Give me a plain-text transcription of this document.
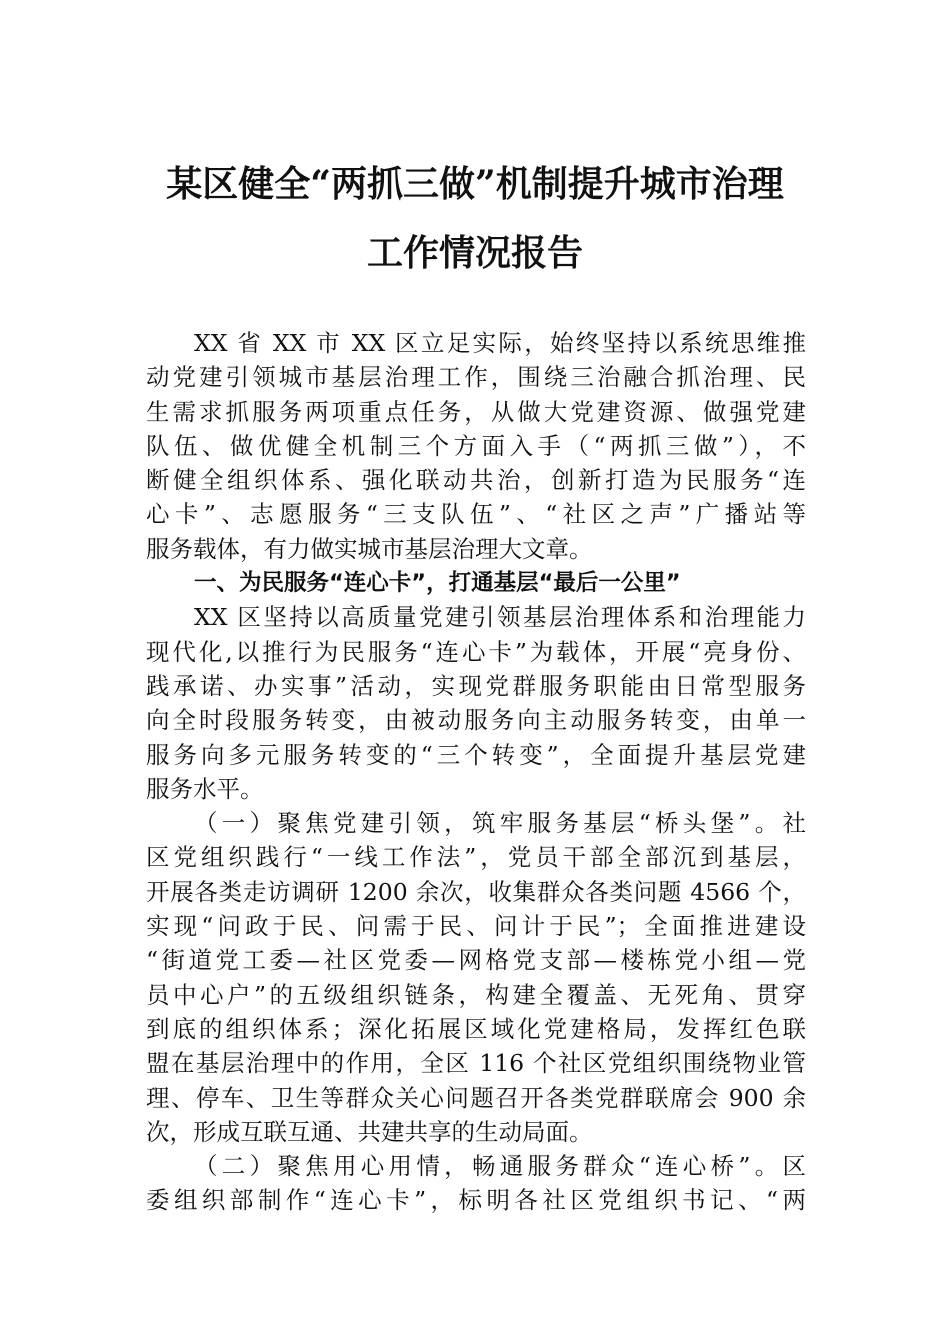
某区健全“两抓三做”机制提升城市治理
工作情况报告
XX 省 XX 市 XX 区立足实际，始终坚持以系统思维推
动党建引领城市基层治理工作，围绕三治融合抓治理、民
生需求抓服务两项重点任务，从做大党建资源、做强党建
队伍、做优健全机制三个方面入手（“两抓三做”），不
断健全组织体系、强化联动共治，创新打造为民服务“连
心卡”、志愿服务“三支队伍”、“社区之声”广播站等
服务载体，有力做实城市基层治理大文章。
一、为民服务“连心卡”，打通基层“最后一公里”
XX 区坚持以高质量党建引领基层治理体系和治理能力
现代化,以推行为民服务“连心卡”为载体，开展“亮身份、
践承诺、办实事”活动，实现党群服务职能由日常型服务
向全时段服务转变，由被动服务向主动服务转变，由单一
服务向多元服务转变的“三个转变”，全面提升基层党建
服务水平。
（一）聚焦党建引领，筑牢服务基层“桥头堡”。社
区党组织践行“一线工作法”，党员干部全部沉到基层，
开展各类走访调研 1200 余次，收集群众各类问题 4566 个，
实现“问政于民、问需于民、问计于民”；全面推进建设
“街道党工委—社区党委—网格党支部—楼栋党小组—党
员中心户”的五级组织链条，构建全覆盖、无死角、贯穿
到底的组织体系；深化拓展区域化党建格局，发挥红色联
盟在基层治理中的作用，全区 116 个社区党组织围绕物业管
理、停车、卫生等群众关心问题召开各类党群联席会 900 余
次，形成互联互通、共建共享的生动局面。
（二）聚焦用心用情，畅通服务群众“连心桥”。区
委组织部制作“连心卡”，标明各社区党组织书记、“两
